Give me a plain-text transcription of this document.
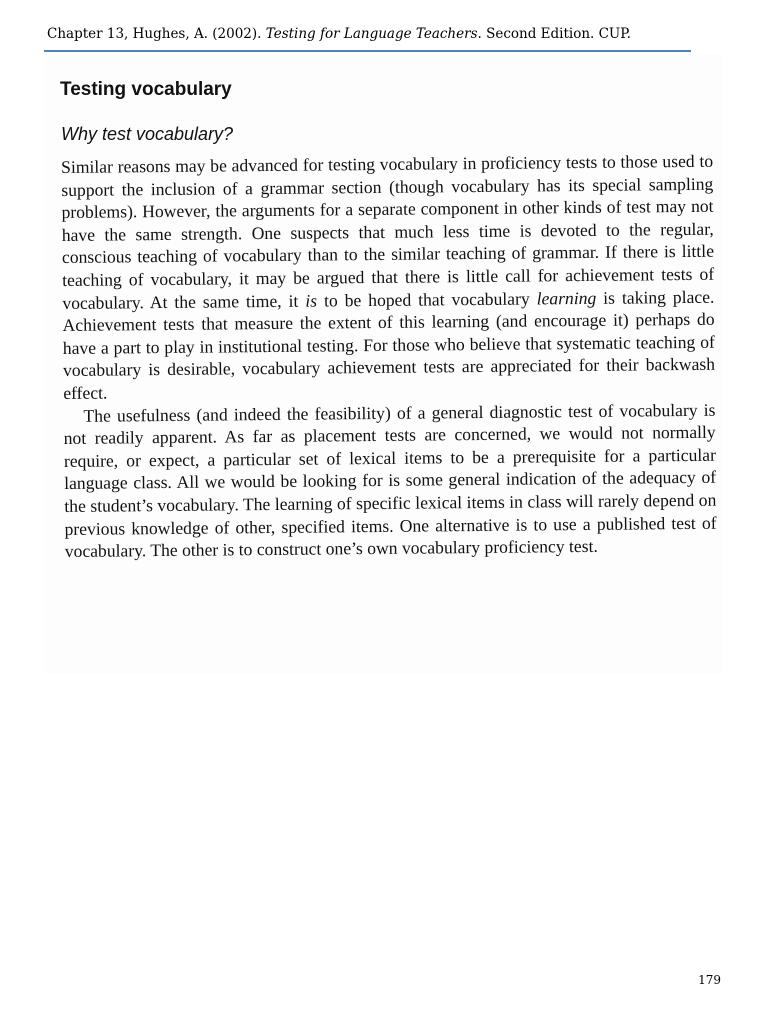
Chapter 13, Hughes, A. (2002). Testing for Language Teachers. Second Edition. CUP.
Testing vocabulary
Why test vocabulary?

Similar reasons may be advanced for testing vocabulary in proficiency tests to those used to support the inclusion of a grammar section (though vocabulary has its special sampling problems). However, the arguments for a separate component in other kinds of test may not have the same strength. One suspects that much less time is devoted to the regular, conscious teaching of vocabulary than to the similar teaching of grammar. If there is little teaching of vocabulary, it may be argued that there is little call for achievement tests of vocabulary. At the same time, it is to be hoped that vocabulary learning is taking place. Achievement tests that measure the extent of this learning (and encourage it) perhaps do have a part to play in institutional testing. For those who believe that systematic teaching of vocabulary is desirable, vocabulary achievement tests are appreciated for their backwash effect.

The usefulness (and indeed the feasibility) of a general diagnostic test of vocabulary is not readily apparent. As far as placement tests are concerned, we would not normally require, or expect, a particular set of lexical items to be a prerequisite for a particular language class. All we would be looking for is some general indication of the adequacy of the student’s vocabulary. The learning of specific lexical items in class will rarely depend on previous knowledge of other, specified items. One alternative is to use a published test of vocabulary. The other is to construct one’s own vocabulary proficiency test.

179
